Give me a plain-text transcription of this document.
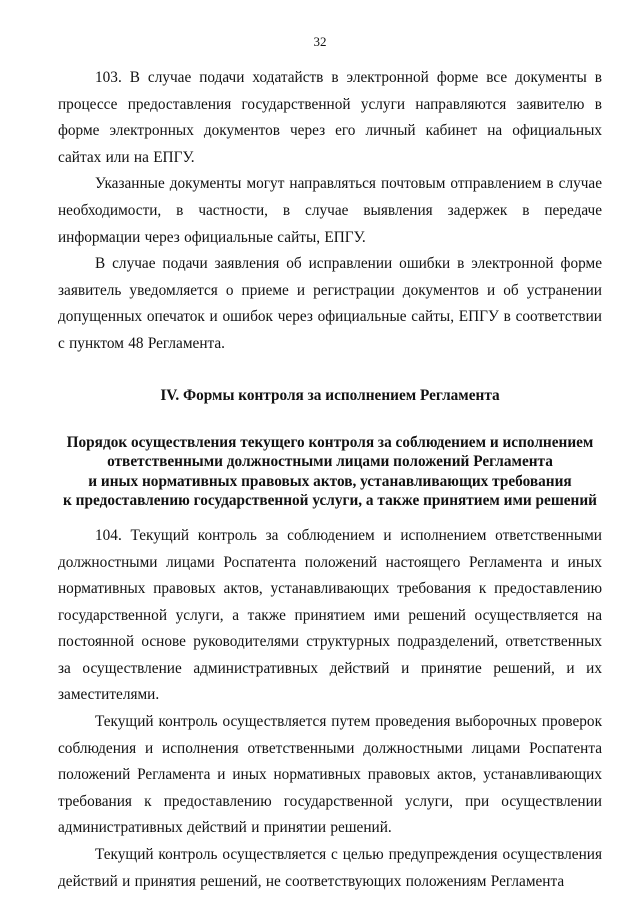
32

103. В случае подачи ходатайств в электронной форме все документы в процессе предоставления государственной услуги направляются заявителю в форме электронных документов через его личный кабинет на официальных сайтах или на ЕПГУ.

Указанные документы могут направляться почтовым отправлением в случае необходимости, в частности, в случае выявления задержек в передаче информации через официальные сайты, ЕПГУ.

В случае подачи заявления об исправлении ошибки в электронной форме заявитель уведомляется о приеме и регистрации документов и об устранении допущенных опечаток и ошибок через официальные сайты, ЕПГУ в соответствии с пунктом 48 Регламента.

IV. Формы контроля за исполнением Регламента

Порядок осуществления текущего контроля за соблюдением и исполнением

ответственными должностными лицами положений Регламента

и иных нормативных правовых актов, устанавливающих требования

к предоставлению государственной услуги, а также принятием ими решений

104. Текущий контроль за соблюдением и исполнением ответственными должностными лицами Роспатента положений настоящего Регламента и иных нормативных правовых актов, устанавливающих требования к предоставлению государственной услуги, а также принятием ими решений осуществляется на постоянной основе руководителями структурных подразделений, ответственных за осуществление административных действий и принятие решений, и их заместителями.

Текущий контроль осуществляется путем проведения выборочных проверок соблюдения и исполнения ответственными должностными лицами Роспатента положений Регламента и иных нормативных правовых актов, устанавливающих требования к предоставлению государственной услуги, при осуществлении административных действий и принятии решений.

Текущий контроль осуществляется с целью предупреждения осуществления действий и принятия решений, не соответствующих положениям Регламента
